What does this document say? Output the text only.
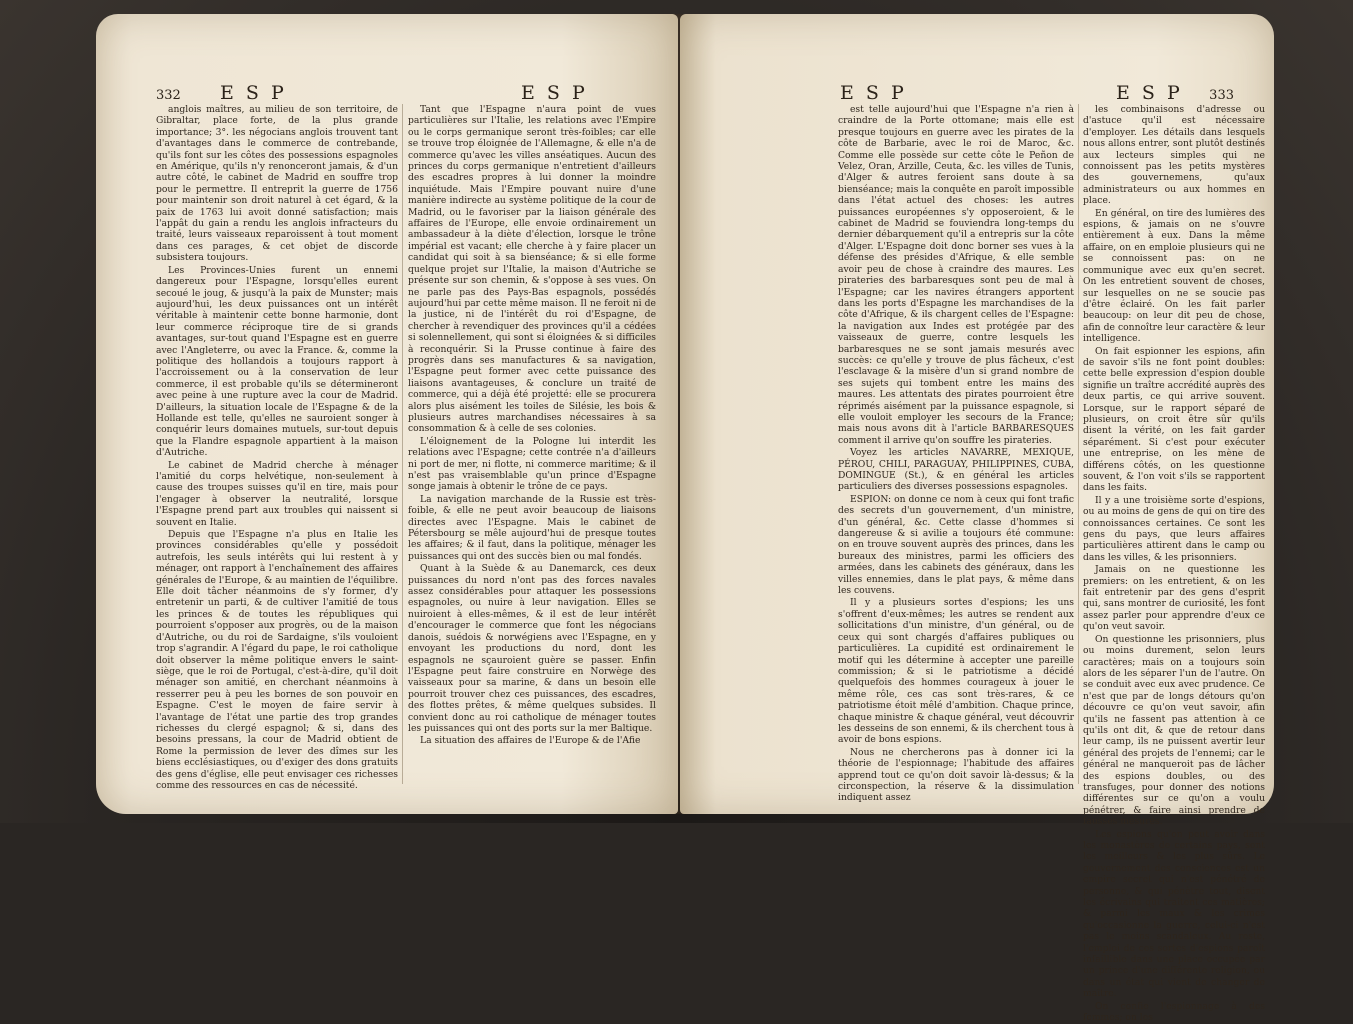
332 E S P	E S P

anglois maîtres, au milieu de son territoire, de Gibraltar, place forte, de la plus grande importance; 3°. les négocians anglois trouvent tant d'avantages dans le commerce de contrebande, qu'ils font sur les côtes des possessions espagnoles en Amérique, qu'ils n'y renonceront jamais, & d'un autre côté, le cabinet de Madrid en souffre trop pour le permettre. Il entreprit la guerre de 1756 pour maintenir son droit naturel à cet égard, & la paix de 1763 lui avoit donné satisfaction; mais l'appât du gain a rendu les anglois infracteurs du traité, leurs vaisseaux reparoissent à tout moment dans ces parages, & cet objet de discorde subsistera toujours.

Les Provinces-Unies furent un ennemi dangereux pour l'Espagne, lorsqu'elles eurent secoué le joug, & jusqu'à la paix de Munster; mais aujourd'hui, les deux puissances ont un intérêt véritable à maintenir cette bonne harmonie, dont leur commerce réciproque tire de si grands avantages, sur-tout quand l'Espagne est en guerre avec l'Angleterre, ou avec la France. &, comme la politique des hollandois a toujours rapport à l'accroissement ou à la conservation de leur commerce, il est probable qu'ils se détermineront avec peine à une rupture avec la cour de Madrid. D'ailleurs, la situation locale de l'Espagne & de la Hollande est telle, qu'elles ne sauroient songer à conquérir leurs domaines mutuels, sur-tout depuis que la Flandre espagnole appartient à la maison d'Autriche.

Le cabinet de Madrid cherche à ménager l'amitié du corps helvétique, non-seulement à cause des troupes suisses qu'il en tire, mais pour l'engager à observer la neutralité, lorsque l'Espagne prend part aux troubles qui naissent si souvent en Italie.

Depuis que l'Espagne n'a plus en Italie les provinces considérables qu'elle y possédoit autrefois, les seuls intérêts qui lui restent à y ménager, ont rapport à l'enchaînement des affaires générales de l'Europe, & au maintien de l'équilibre. Elle doit tâcher néanmoins de s'y former, d'y entretenir un parti, & de cultiver l'amitié de tous les princes & de toutes les républiques qui pourroient s'opposer aux progrès, ou de la maison d'Autriche, ou du roi de Sardaigne, s'ils vouloient trop s'agrandir. A l'égard du pape, le roi catholique doit observer la même politique envers le saint-siège, que le roi de Portugal, c'est-à-dire, qu'il doit ménager son amitié, en cherchant néanmoins à resserrer peu à peu les bornes de son pouvoir en Espagne. C'est le moyen de faire servir à l'avantage de l'état une partie des trop grandes richesses du clergé espagnol; & si, dans des besoins pressans, la cour de Madrid obtient de Rome la permission de lever des dîmes sur les biens ecclésiastiques, ou d'exiger des dons gratuits des gens d'église, elle peut envisager ces richesses comme des ressources en cas de nécessité.

Tant que l'Espagne n'aura point de vues particulières sur l'Italie, les relations avec l'Empire ou le corps germanique seront très-foibles; car elle se trouve trop éloignée de l'Allemagne, & elle n'a de commerce qu'avec les villes anséatiques. Aucun des princes du corps germanique n'entretient d'ailleurs des escadres propres à lui donner la moindre inquiétude. Mais l'Empire pouvant nuire d'une manière indirecte au système politique de la cour de Madrid, ou le favoriser par la liaison générale des affaires de l'Europe, elle envoie ordinairement un ambassadeur à la diète d'élection, lorsque le trône impérial est vacant; elle cherche à y faire placer un candidat qui soit à sa bienséance; & si elle forme quelque projet sur l'Italie, la maison d'Autriche se présente sur son chemin, & s'oppose à ses vues. On ne parle pas des Pays-Bas espagnols, possédés aujourd'hui par cette même maison. Il ne feroit ni de la justice, ni de l'intérêt du roi d'Espagne, de chercher à revendiquer des provinces qu'il a cédées si solennellement, qui sont si éloignées & si difficiles à reconquérir. Si la Prusse continue à faire des progrès dans ses manufactures & sa navigation, l'Espagne peut former avec cette puissance des liaisons avantageuses, & conclure un traité de commerce, qui a déjà été projetté: elle se procurera alors plus aisément les toiles de Silésie, les bois & plusieurs autres marchandises nécessaires à sa consommation & à celle de ses colonies.

L'éloignement de la Pologne lui interdit les relations avec l'Espagne; cette contrée n'a d'ailleurs ni port de mer, ni flotte, ni commerce maritime; & il n'est pas vraisemblable qu'un prince d'Espagne songe jamais à obtenir le trône de ce pays.

La navigation marchande de la Russie est très-foible, & elle ne peut avoir beaucoup de liaisons directes avec l'Espagne. Mais le cabinet de Pétersbourg se mêle aujourd'hui de presque toutes les affaires; & il faut, dans la politique, ménager les puissances qui ont des succès bien ou mal fondés.

Quant à la Suède & au Danemarck, ces deux puissances du nord n'ont pas des forces navales assez considérables pour attaquer les possessions espagnoles, ou nuire à leur navigation. Elles se nuiroient à elles-mêmes, & il est de leur intérêt d'encourager le commerce que font les négocians danois, suédois & norwégiens avec l'Espagne, en y envoyant les productions du nord, dont les espagnols ne sçauroient guère se passer. Enfin l'Espagne peut faire construire en Norwège des vaisseaux pour sa marine, & dans un besoin elle pourroit trouver chez ces puissances, des escadres, des flottes prêtes, & même quelques subsides. Il convient donc au roi catholique de ménager toutes les puissances qui ont des ports sur la mer Baltique.

La situation des affaires de l'Europe & de l'Afie

E S P	E S P 333

est telle aujourd'hui que l'Espagne n'a rien à craindre de la Porte ottomane; mais elle est presque toujours en guerre avec les pirates de la côte de Barbarie, avec le roi de Maroc, &c. Comme elle possède sur cette côte le Peñon de Velez, Oran, Arzille, Ceuta, &c. les villes de Tunis, d'Alger & autres feroient sans doute à sa bienséance; mais la conquête en paroît impossible dans l'état actuel des choses: les autres puissances européennes s'y opposeroient, & le cabinet de Madrid se fouviendra long-temps du dernier débarquement qu'il a entrepris sur la côte d'Alger. L'Espagne doit donc borner ses vues à la défense des présides d'Afrique, & elle semble avoir peu de chose à craindre des maures. Les pirateries des barbaresques sont peu de mal à l'Espagne; car les navires étrangers apportent dans les ports d'Espagne les marchandises de la côte d'Afrique, & ils chargent celles de l'Espagne: la navigation aux Indes est protégée par des vaisseaux de guerre, contre lesquels les barbaresques ne se sont jamais mesurés avec succès: ce qu'elle y trouve de plus fâcheux, c'est l'esclavage & la misère d'un si grand nombre de ses sujets qui tombent entre les mains des maures. Les attentats des pirates pourroient être réprimés aisément par la puissance espagnole, si elle vouloit employer les secours de la France; mais nous avons dit à l'article BARBARESQUES comment il arrive qu'on souffre les pirateries.

Voyez les articles NAVARRE, MEXIQUE, PÉROU, CHILI, PARAGUAY, PHILIPPINES, CUBA, DOMINGUE (St.), & en général les articles particuliers des diverses possessions espagnoles.

ESPION: on donne ce nom à ceux qui font trafic des secrets d'un gouvernement, d'un ministre, d'un général, &c. Cette classe d'hommes si dangereuse & si avilie a toujours été commune: on en trouve souvent auprès des princes, dans les bureaux des ministres, parmi les officiers des armées, dans les cabinets des généraux, dans les villes ennemies, dans le plat pays, & même dans les couvens.

Il y a plusieurs sortes d'espions; les uns s'offrent d'eux-mêmes; les autres se rendent aux sollicitations d'un ministre, d'un général, ou de ceux qui sont chargés d'affaires publiques ou particulières. La cupidité est ordinairement le motif qui les détermine à accepter une pareille commission; & si le patriotisme a décidé quelquefois des hommes courageux à jouer le même rôle, ces cas sont très-rares, & ce patriotisme étoit mêlé d'ambition. Chaque prince, chaque ministre & chaque général, veut découvrir les desseins de son ennemi, & ils cherchent tous à avoir de bons espions.

Nous ne chercherons pas à donner ici la théorie de l'espionnage; l'habitude des affaires apprend tout ce qu'on doit savoir là-dessus; & la circonspection, la réserve & la dissimulation indiquent assez

les combinaisons d'adresse ou d'astuce qu'il est nécessaire d'employer. Les détails dans lesquels nous allons entrer, sont plutôt destinés aux lecteurs simples qui ne connoissent pas les petits mystères des gouvernemens, qu'aux administrateurs ou aux hommes en place.

En général, on tire des lumières des espions, & jamais on ne s'ouvre entièrement à eux. Dans la même affaire, on en emploie plusieurs qui ne se connoissent pas: on ne communique avec eux qu'en secret. On les entretient souvent de choses, sur lesquelles on ne se soucie pas d'être éclairé. On les fait parler beaucoup: on leur dit peu de chose, afin de connoître leur caractère & leur intelligence.

On fait espionner les espions, afin de savoir s'ils ne font point doubles: cette belle expression d'espion double signifie un traître accrédité auprès des deux partis, ce qui arrive souvent. Lorsque, sur le rapport séparé de plusieurs, on croit être sûr qu'ils disent la vérité, on les fait garder séparément. Si c'est pour exécuter une entreprise, on les mène de différens côtés, on les questionne souvent, & l'on voit s'ils se rapportent dans les faits.

Il y a une troisième sorte d'espions, ou au moins de gens de qui on tire des connoissances certaines. Ce sont les gens du pays, que leurs affaires particulières attirent dans le camp ou dans les villes, & les prisonniers.

Jamais on ne questionne les premiers: on les entretient, & on les fait entretenir par des gens d'esprit qui, sans montrer de curiosité, les font assez parler pour apprendre d'eux ce qu'on veut savoir.

On questionne les prisonniers, plus ou moins durement, selon leurs caractères; mais on a toujours soin alors de les séparer l'un de l'autre. On se conduit avec eux avec prudence. Ce n'est que par de longs détours qu'on découvre ce qu'on veut savoir, afin qu'ils ne fassent pas attention à ce qu'ils ont dit, & que de retour dans leur camp, ils ne puissent avertir leur général des projets de l'ennemi; car le général ne manqueroit pas de lâcher des espions doubles, ou des transfuges, pour donner des notions différentes sur ce qu'on a voulu pénétrer, & faire ainsi prendre de fausses mesures.

Les espions qu'on peut avoir dans les monastères de certains pays, sont les meilleurs & les plus sûrs. Le gouvernement des consciences est un empire secret qui n'est pénétré de personne, & qui pénètre tout, disent les écrivains qui traitent ces matières; & parmi les maux & les crimes qu'occasionne la guerre, celui-ci n'est pas le moins scandaleux. Au reste, l'emploi de ces sortes d'espions paroît infaillible dans une place occupée par un prince d'une différente religion, ou dans un état qui vient de changer de maître.

On confie l'espionnage à des femmes; on les
